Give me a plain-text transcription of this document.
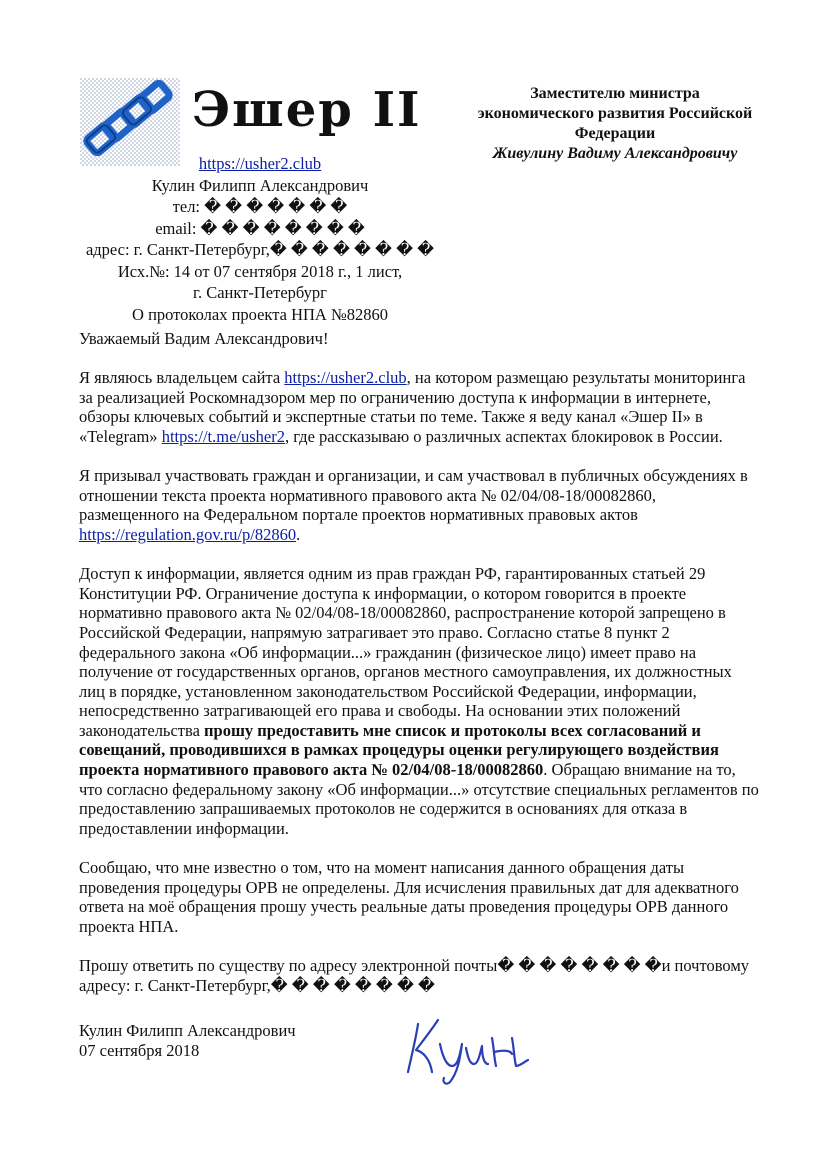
Эшер II	Заместителю министра
экономического развития Российской
Федерации
Живулину Вадиму Александровичу
https://usher2.club
Кулин Филипп Александрович
тел: � � � � � � �
email: � � � � � � � �
адрес: г. Санкт-Петербург,� � � � � � � �
Исх.№: 14 от 07 сентября 2018 г., 1 лист,
г. Санкт-Петербург
О протоколах проекта НПА №82860

Уважаемый Вадим Александрович!

Я являюсь владельцем сайта https://usher2.club, на котором размещаю результаты мониторинга за реализацией Роскомнадзором мер по ограничению доступа к информации в интернете, обзоры ключевых событий и экспертные статьи по теме. Также я веду канал «Эшер II» в «Telegram» https://t.me/usher2, где рассказываю о различных аспектах блокировок в России.

Я призывал участвовать граждан и организации, и сам участвовал в публичных обсуждениях в отношении текста проекта нормативного правового акта № 02/04/08-18/00082860, размещенного на Федеральном портале проектов нормативных правовых актов https://regulation.gov.ru/p/82860.

Доступ к информации, является одним из прав граждан РФ, гарантированных статьей 29 Конституции РФ. Ограничение доступа к информации, о котором говорится в проекте нормативно правового акта № 02/04/08-18/00082860, распространение которой запрещено в Российской Федерации, напрямую затрагивает это право. Согласно статье 8 пункт 2 федерального закона «Об информации...» гражданин (физическое лицо) имеет право на получение от государственных органов, органов местного самоуправления, их должностных лиц в порядке, установленном законодательством Российской Федерации, информации, непосредственно затрагивающей его права и свободы. На основании этих положений законодательства прошу предоставить мне список и протоколы всех согласований и совещаний, проводившихся в рамках процедуры оценки регулирующего воздействия проекта нормативного правового акта № 02/04/08-18/00082860. Обращаю внимание на то, что согласно федеральному закону «Об информации...» отсутствие специальных регламентов по предоставлению запрашиваемых протоколов не содержится в основаниях для отказа в предоставлении информации.

Сообщаю, что мне известно о том, что на момент написания данного обращения даты проведения процедуры ОРВ не определены. Для исчисления правильных дат для адекватного ответа на моё обращения прошу учесть реальные даты проведения процедуры ОРВ данного проекта НПА.

Прошу ответить по существу по адресу электронной почты� � � � � � � �и почтовому адресу: г. Санкт-Петербург,� � � � � � � �

Кулин Филипп Александрович
07 сентября 2018
